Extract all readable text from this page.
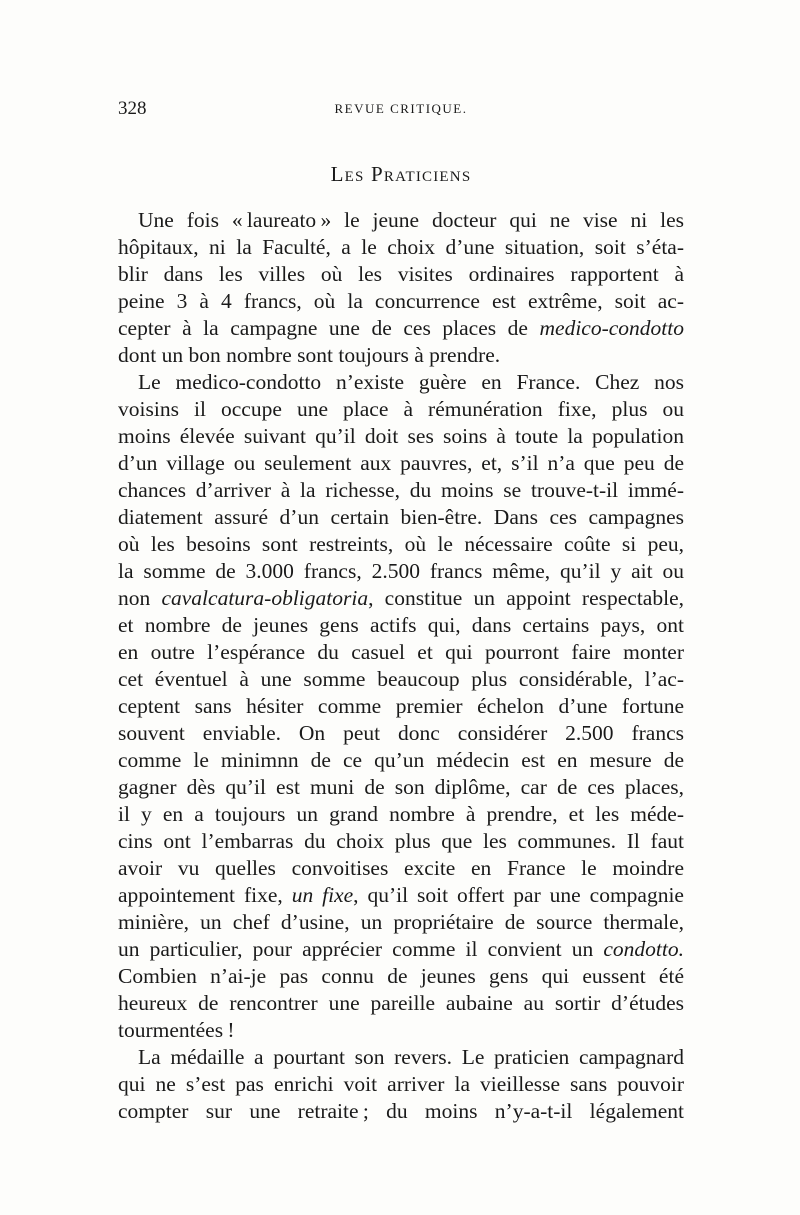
328	REVUE CRITIQUE.
Les Praticiens
Une fois « laureato » le jeune docteur qui ne vise ni les
hôpitaux, ni la Faculté, a le choix d’une situation, soit s’éta-
blir dans les villes où les visites ordinaires rapportent à
peine 3 à 4 francs, où la concurrence est extrême, soit ac-
cepter à la campagne une de ces places de medico-condotto
dont un bon nombre sont toujours à prendre.
Le medico-condotto n’existe guère en France. Chez nos
voisins il occupe une place à rémunération fixe, plus ou
moins élevée suivant qu’il doit ses soins à toute la population
d’un village ou seulement aux pauvres, et, s’il n’a que peu de
chances d’arriver à la richesse, du moins se trouve-t-il immé-
diatement assuré d’un certain bien-être. Dans ces campagnes
où les besoins sont restreints, où le nécessaire coûte si peu,
la somme de 3.000 francs, 2.500 francs même, qu’il y ait ou
non cavalcatura-obligatoria, constitue un appoint respectable,
et nombre de jeunes gens actifs qui, dans certains pays, ont
en outre l’espérance du casuel et qui pourront faire monter
cet éventuel à une somme beaucoup plus considérable, l’ac-
ceptent sans hésiter comme premier échelon d’une fortune
souvent enviable. On peut donc considérer 2.500 francs
comme le minimnn de ce qu’un médecin est en mesure de
gagner dès qu’il est muni de son diplôme, car de ces places,
il y en a toujours un grand nombre à prendre, et les méde-
cins ont l’embarras du choix plus que les communes. Il faut
avoir vu quelles convoitises excite en France le moindre
appointement fixe, un fixe, qu’il soit offert par une compagnie
minière, un chef d’usine, un propriétaire de source thermale,
un particulier, pour apprécier comme il convient un condotto.
Combien n’ai-je pas connu de jeunes gens qui eussent été
heureux de rencontrer une pareille aubaine au sortir d’études
tourmentées !
La médaille a pourtant son revers. Le praticien campagnard
qui ne s’est pas enrichi voit arriver la vieillesse sans pouvoir
compter sur une retraite ; du moins n’y-a-t-il légalement
